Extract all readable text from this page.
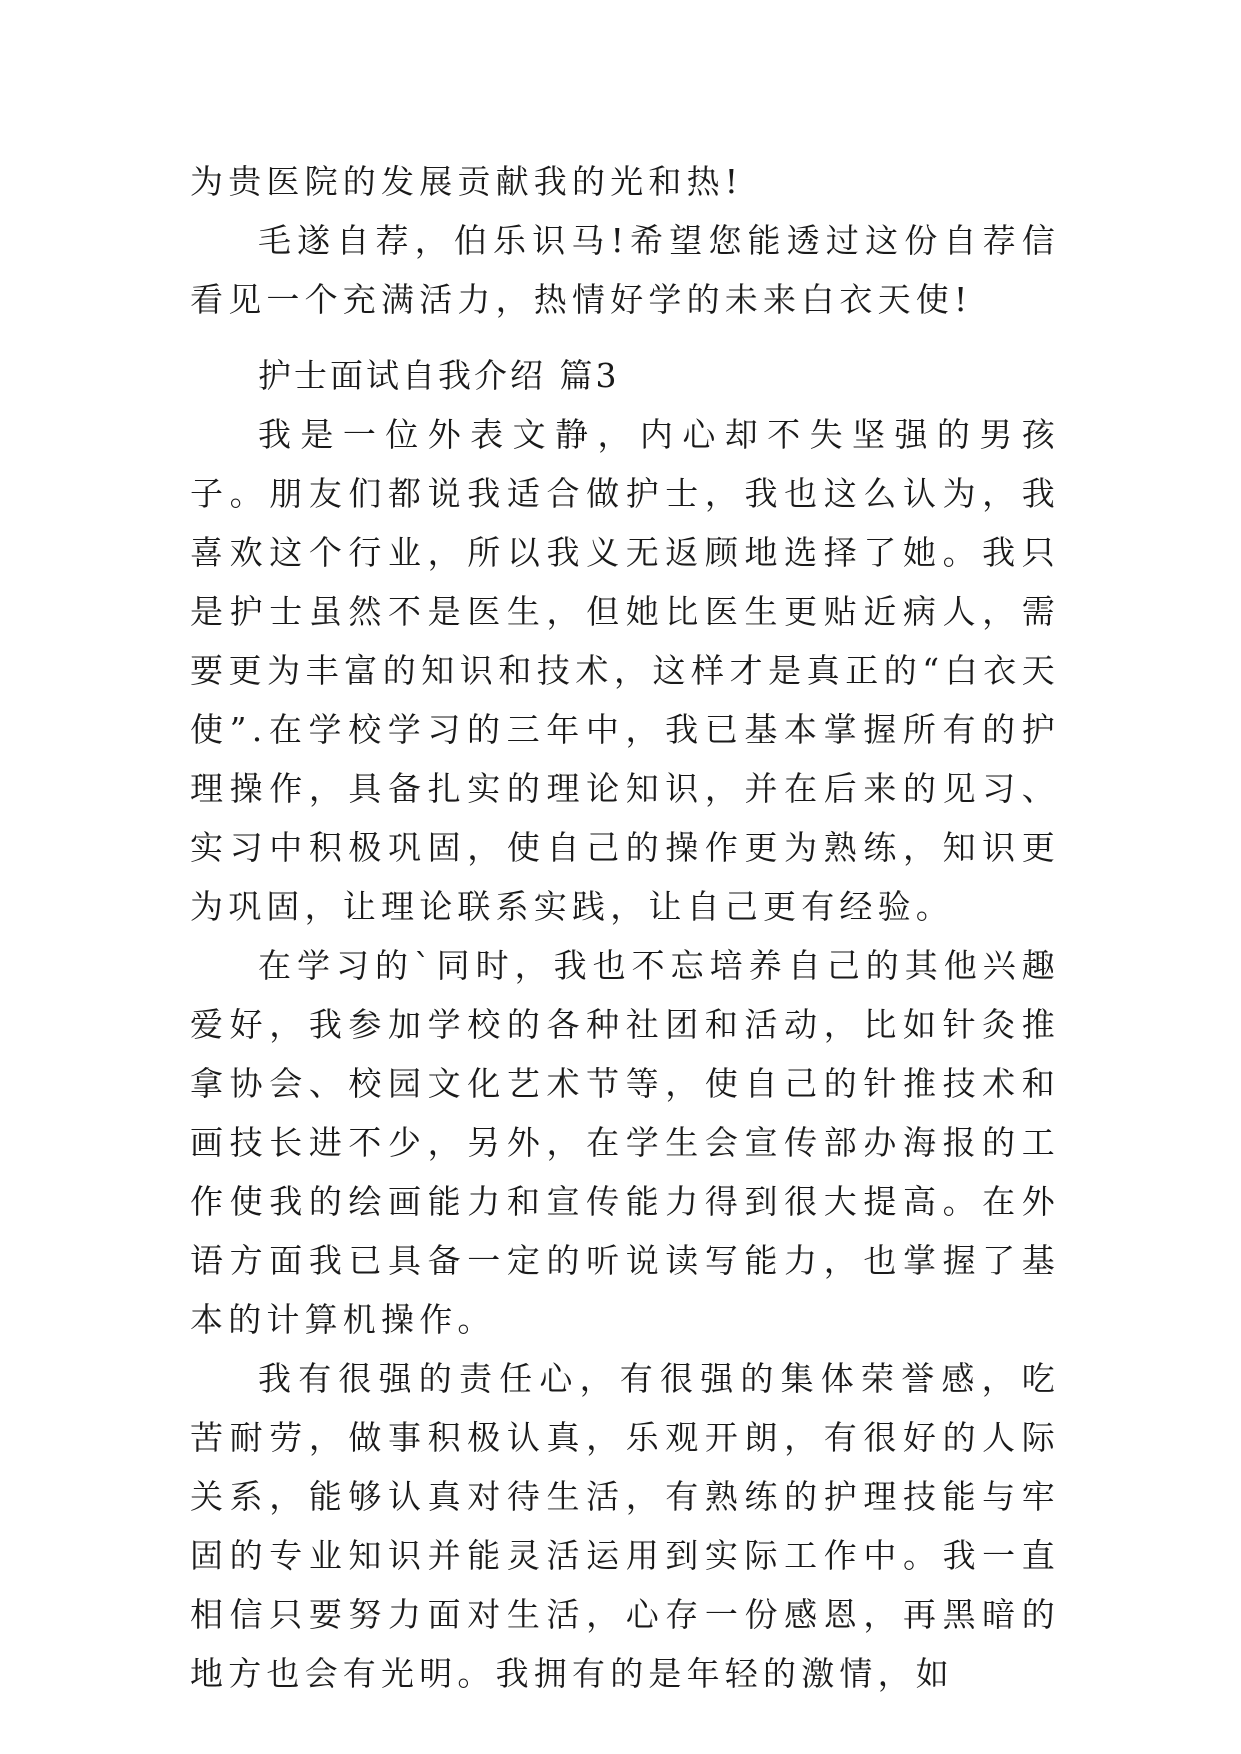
为贵医院的发展贡献我的光和热!

毛遂自荐，伯乐识马!希望您能透过这份自荐信看见一个充满活力，热情好学的未来白衣天使!

护士面试自我介绍 篇3

我是一位外表文静，内心却不失坚强的男孩子。朋友们都说我适合做护士，我也这么认为，我喜欢这个行业，所以我义无返顾地选择了她。我只是护士虽然不是医生，但她比医生更贴近病人，需要更为丰富的知识和技术，这样才是真正的“白衣天使”.在学校学习的三年中，我已基本掌握所有的护理操作，具备扎实的理论知识，并在后来的见习、实习中积极巩固，使自己的操作更为熟练，知识更为巩固，让理论联系实践，让自己更有经验。

在学习的`同时，我也不忘培养自己的其他兴趣爱好，我参加学校的各种社团和活动，比如针灸推拿协会、校园文化艺术节等，使自己的针推技术和画技长进不少，另外，在学生会宣传部办海报的工作使我的绘画能力和宣传能力得到很大提高。在外语方面我已具备一定的听说读写能力，也掌握了基本的计算机操作。

我有很强的责任心，有很强的集体荣誉感，吃苦耐劳，做事积极认真，乐观开朗，有很好的人际关系，能够认真对待生活，有熟练的护理技能与牢固的专业知识并能灵活运用到实际工作中。我一直相信只要努力面对生活，心存一份感恩，再黑暗的地方也会有光明。我拥有的是年轻的激情，如
